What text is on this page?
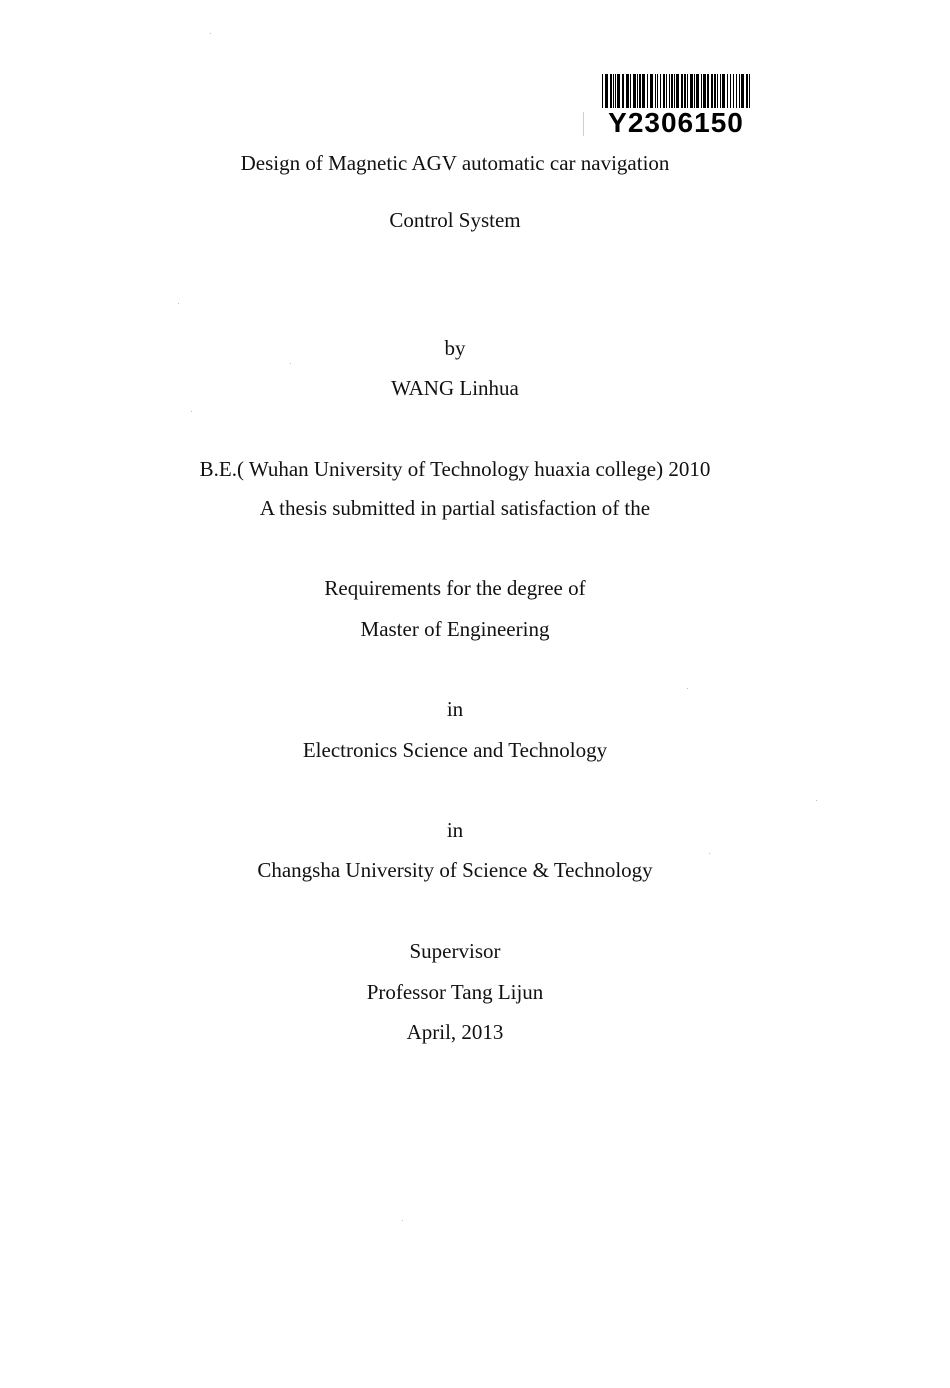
Y2306150
Design of Magnetic AGV automatic car navigation
Control System
by
WANG Linhua
B.E.( Wuhan University of Technology huaxia college) 2010
A thesis submitted in partial satisfaction of the
Requirements for the degree of
Master of Engineering
in
Electronics Science and Technology
in
Changsha University of Science & Technology
Supervisor
Professor Tang Lijun
April, 2013
